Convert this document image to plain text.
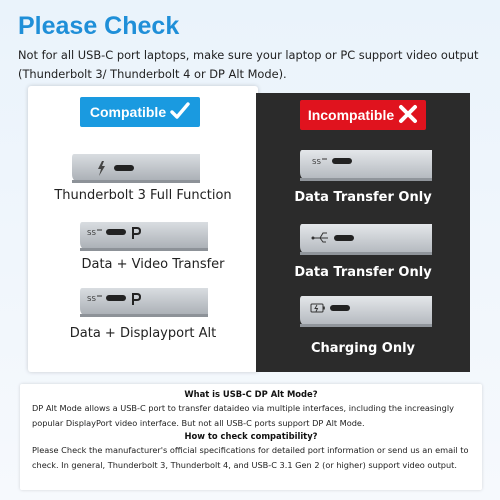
Please Check
Not for all USB-C port laptops, make sure your laptop or PC support video output (Thunderbolt 3/ Thunderbolt 4 or DP Alt Mode).
Compatible	Incompatible
Thunderbolt 3 Full Function
SS
Data + Video Transfer
SS
Data + Displayport Alt
SS
Data Transfer Only
Data Transfer Only
Charging Only
What is USB-C DP Alt Mode?
DP Alt Mode allows a USB-C port to transfer dataideo via multiple interfaces, including the increasingly popular DisplayPort video interface. But not all USB-C ports support DP Alt Mode.
How to check compatibility?
Please Check the manufacturer's official specifications for detailed port information or send us an email to check. In general, Thunderbolt 3, Thunderbolt 4, and USB-C 3.1 Gen 2 (or higher) support video output.
